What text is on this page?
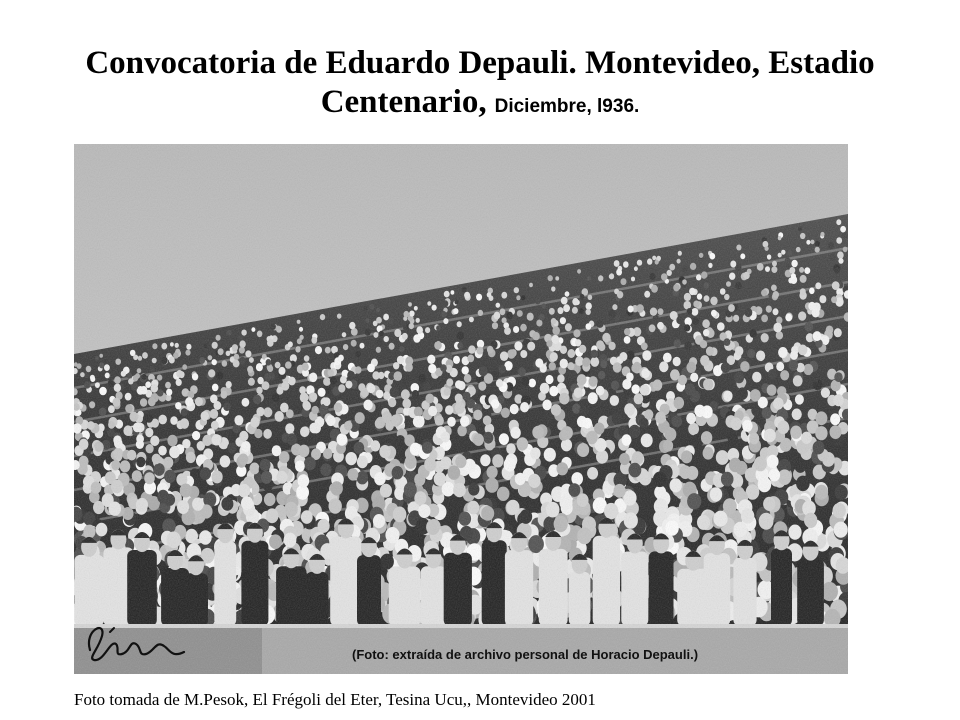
Convocatoria de Eduardo Depauli. Montevideo, Estadio
Centenario, Diciembre, l936.
(Foto: extraída de archivo personal de Horacio Depauli.)
Foto tomada de M.Pesok, El Frégoli del Eter, Tesina Ucu,, Montevideo 2001
